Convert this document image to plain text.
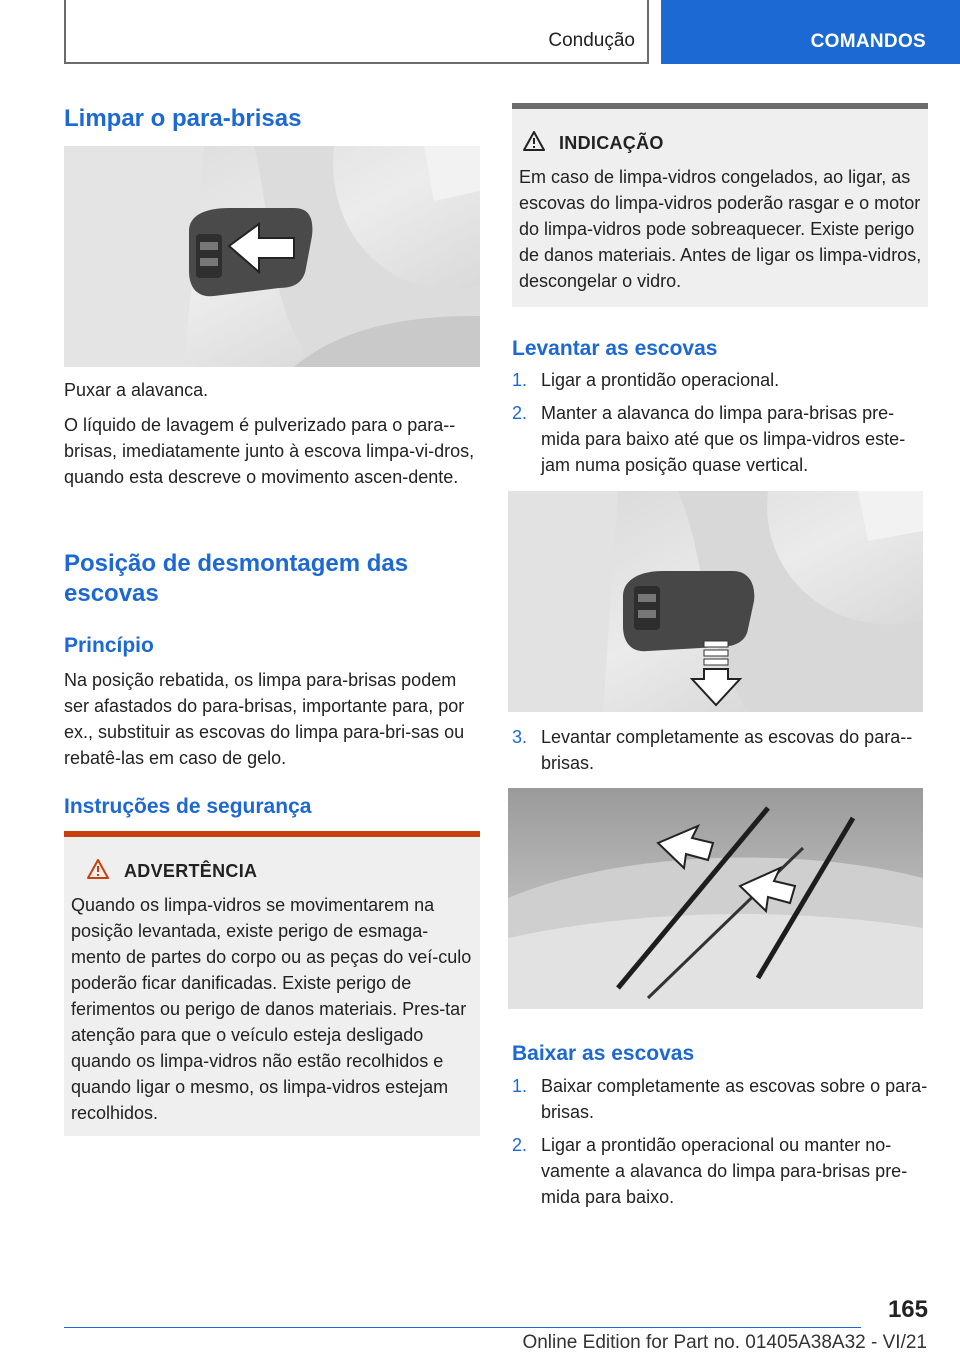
Condução	COMANDOS
Limpar o para-brisas
Puxar a alavanca.
O líquido de lavagem é pulverizado para o para--brisas, imediatamente junto à escova limpa-vi-dros, quando esta descreve o movimento ascen-dente.
Posição de desmontagem das escovas
Princípio
Na posição rebatida, os limpa para-brisas podem ser afastados do para-brisas, importante para, por ex., substituir as escovas do limpa para-bri-sas ou rebatê-las em caso de gelo.
Instruções de segurança
ADVERTÊNCIA
Quando os limpa-vidros se movimentarem na posição levantada, existe perigo de esmaga-mento de partes do corpo ou as peças do veí-culo poderão ficar danificadas. Existe perigo de ferimentos ou perigo de danos materiais. Pres-tar atenção para que o veículo esteja desligado quando os limpa-vidros não estão recolhidos e quando ligar o mesmo, os limpa-vidros estejam recolhidos.
INDICAÇÃO
Em caso de limpa-vidros congelados, ao ligar, as escovas do limpa-vidros poderão rasgar e o motor do limpa-vidros pode sobreaquecer. Existe perigo de danos materiais. Antes de ligar os limpa-vidros, descongelar o vidro.
Levantar as escovas
1. Ligar a prontidão operacional.
2. Manter a alavanca do limpa para-brisas pre-mida para baixo até que os limpa-vidros este-jam numa posição quase vertical.
3. Levantar completamente as escovas do para--brisas.
Baixar as escovas
1. Baixar completamente as escovas sobre o para-brisas.
2. Ligar a prontidão operacional ou manter no-vamente a alavanca do limpa para-brisas pre-mida para baixo.
165
Online Edition for Part no. 01405A38A32 - VI/21
